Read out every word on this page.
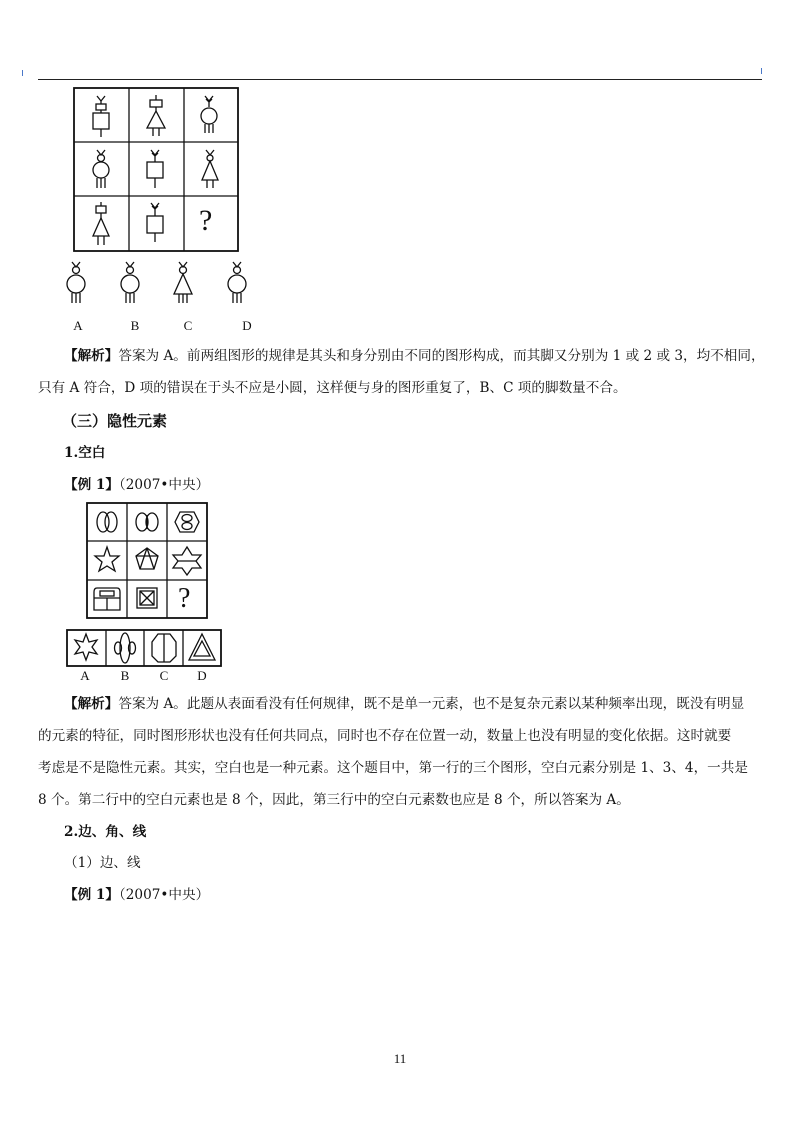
?
A	B	C	D
【解析】答案为 A。前两组图形的规律是其头和身分别由不同的图形构成，而其脚又分别为 1 或 2 或 3，均不相同，
只有 A 符合，D 项的错误在于头不应是小圆，这样便与身的图形重复了，B、C 项的脚数量不合。
（三）隐性元素
1.空白
【例 1】（2007•中央）
?
A	B	C	D
【解析】答案为 A。此题从表面看没有任何规律，既不是单一元素，也不是复杂元素以某种频率出现，既没有明显
的元素的特征，同时图形形状也没有任何共同点，同时也不存在位置一动，数量上也没有明显的变化依据。这时就要
考虑是不是隐性元素。其实，空白也是一种元素。这个题目中，第一行的三个图形，空白元素分别是 1、3、4，一共是
8 个。第二行中的空白元素也是 8 个，因此，第三行中的空白元素数也应是 8 个，所以答案为 A。
2.边、角、线
（1）边、线
【例 1】（2007•中央）
11
